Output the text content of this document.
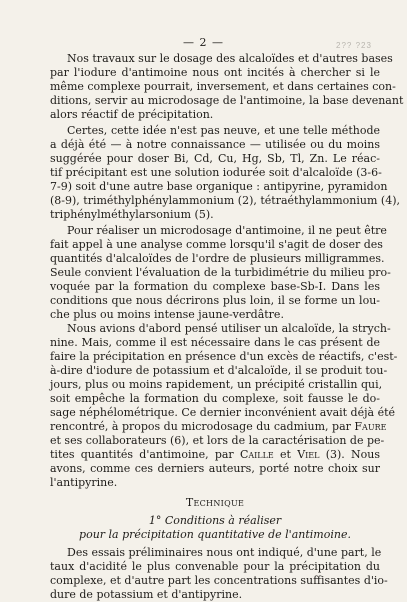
— 2 —	2?? ?23
Nos travaux sur le dosage des alcaloïdes et d'autres bases
par l'iodure d'antimoine nous ont incités à chercher si le
même complexe pourrait, inversement, et dans certaines con-
ditions, servir au microdosage de l'antimoine, la base devenant
alors réactif de précipitation.
Certes, cette idée n'est pas neuve, et une telle méthode
a déjà été — à notre connaissance — utilisée ou du moins
suggérée pour doser Bi, Cd, Cu, Hg, Sb, Tl, Zn. Le réac-
tif précipitant est une solution iodurée soit d'alcaloïde (3-6-
7-9) soit d'une autre base organique : antipyrine, pyramidon
(8-9), triméthylphénylammonium (2), tétraéthylammonium (4),
triphénylméthylarsonium (5).
Pour réaliser un microdosage d'antimoine, il ne peut être
fait appel à une analyse comme lorsqu'il s'agit de doser des
quantités d'alcaloïdes de l'ordre de plusieurs milligrammes.
Seule convient l'évaluation de la turbidimétrie du milieu pro-
voquée par la formation du complexe base-Sb-I. Dans les
conditions que nous décrirons plus loin, il se forme un lou-
che plus ou moins intense jaune-verdâtre.
Nous avions d'abord pensé utiliser un alcaloïde, la strych-
nine. Mais, comme il est nécessaire dans le cas présent de
faire la précipitation en présence d'un excès de réactifs, c'est-
à-dire d'iodure de potassium et d'alcaloïde, il se produit tou-
jours, plus ou moins rapidement, un précipité cristallin qui,
soit empêche la formation du complexe, soit fausse le do-
sage néphélométrique. Ce dernier inconvénient avait déjà été
rencontré, à propos du microdosage du cadmium, par Faure
et ses collaborateurs (6), et lors de la caractérisation de pe-
tites quantités d'antimoine, par Caille et Viel (3). Nous
avons, comme ces derniers auteurs, porté notre choix sur
l'antipyrine.
Technique
1° Conditions à réaliser
pour la précipitation quantitative de l'antimoine.
Des essais préliminaires nous ont indiqué, d'une part, le
taux d'acidité le plus convenable pour la précipitation du
complexe, et d'autre part les concentrations suffisantes d'io-
dure de potassium et d'antipyrine.
